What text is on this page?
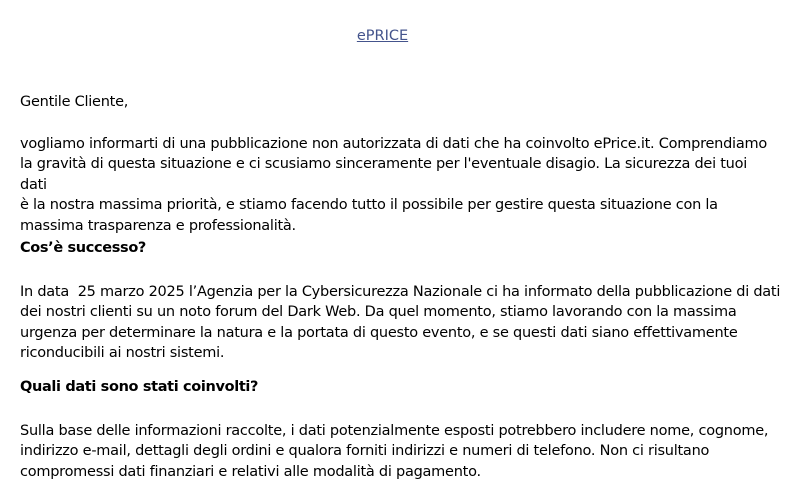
ePRICE

Gentile Cliente,

vogliamo informarti di una pubblicazione non autorizzata di dati che ha coinvolto ePrice.it. Comprendiamo
la gravità di questa situazione e ci scusiamo sinceramente per l'eventuale disagio. La sicurezza dei tuoi dati
è la nostra massima priorità, e stiamo facendo tutto il possibile per gestire questa situazione con la
massima trasparenza e professionalità.

Cos’è successo?

In data  25 marzo 2025 l’Agenzia per la Cybersicurezza Nazionale ci ha informato della pubblicazione di dati
dei nostri clienti su un noto forum del Dark Web. Da quel momento, stiamo lavorando con la massima
urgenza per determinare la natura e la portata di questo evento, e se questi dati siano effettivamente
riconducibili ai nostri sistemi.

Quali dati sono stati coinvolti?

Sulla base delle informazioni raccolte, i dati potenzialmente esposti potrebbero includere nome, cognome,
indirizzo e-mail, dettagli degli ordini e qualora forniti indirizzi e numeri di telefono. Non ci risultano
compromessi dati finanziari e relativi alle modalità di pagamento.
